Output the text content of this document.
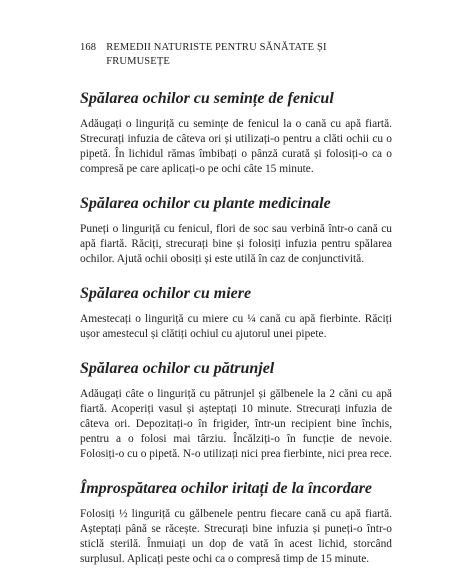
168 REMEDII NATURISTE PENTRU SĂNĂTATE ȘI FRUMUSEȚE
Spălarea ochilor cu semințe de fenicul

Adăugați o linguriță cu semințe de fenicul la o cană cu apă fiartă. Strecurați infuzia de câteva ori și utilizați-o pentru a clăti ochii cu o pipetă. În lichidul rămas îmbibați o pânză curată și folosiți-o ca o compresă pe care aplicați-o pe ochi câte 15 minute.

Spălarea ochilor cu plante medicinale

Puneți o linguriță cu fenicul, flori de soc sau verbină într-o cană cu apă fiartă. Răciți, strecurați bine și folosiți infuzia pentru spălarea ochilor. Ajută ochii obosiți și este utilă în caz de conjunctivită.

Spălarea ochilor cu miere

Amestecați o linguriță cu miere cu ¼ cană cu apă fierbinte. Răciți ușor amestecul și clătiți ochiul cu ajutorul unei pipete.

Spălarea ochilor cu pătrunjel

Adăugați câte o linguriță cu pătrunjel și gălbenele la 2 căni cu apă fiartă. Acoperiți vasul și așteptați 10 minute. Strecurați infuzia de câteva ori. Depozitați-o în frigider, într-un recipient bine închis, pentru a o folosi mai târziu. Încălziți-o în funcție de nevoie. Folosiți-o cu o pipetă. N-o utilizați nici prea fierbinte, nici prea rece.

Împrospătarea ochilor iritați de la încordare

Folosiți ½ linguriță cu gălbenele pentru fiecare cană cu apă fiartă. Așteptați până se răcește. Strecurați bine infuzia și puneți-o într-o sticlă sterilă. Înmuiați un dop de vată în acest lichid, storcând surplusul. Aplicați peste ochi ca o compresă timp de 15 minute.
